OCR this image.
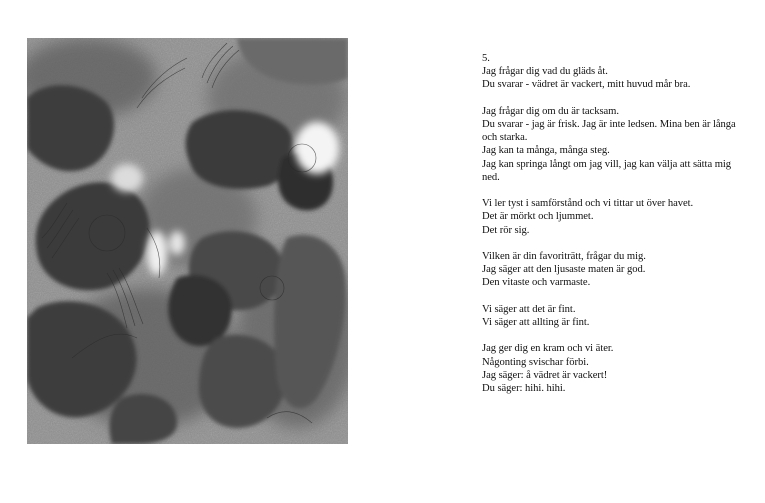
5.
Jag frågar dig vad du gläds åt.
Du svarar - vädret är vackert, mitt huvud mår bra.
Jag frågar dig om du är tacksam.
Du svarar - jag är frisk. Jag är inte ledsen. Mina ben är långa och starka.
Jag kan ta många, många steg.
Jag kan springa långt om jag vill, jag kan välja att sätta mig ned.
Vi ler tyst i samförstånd och vi tittar ut över havet.
Det är mörkt och ljummet.
Det rör sig.
Vilken är din favoriträtt, frågar du mig.
Jag säger att den ljusaste maten är god.
Den vitaste och varmaste.
Vi säger att det är fint.
Vi säger att allting är fint.
Jag ger dig en kram och vi äter.
Någonting svischar förbi.
Jag säger: å vädret är vackert!
Du säger: hihi. hihi.
